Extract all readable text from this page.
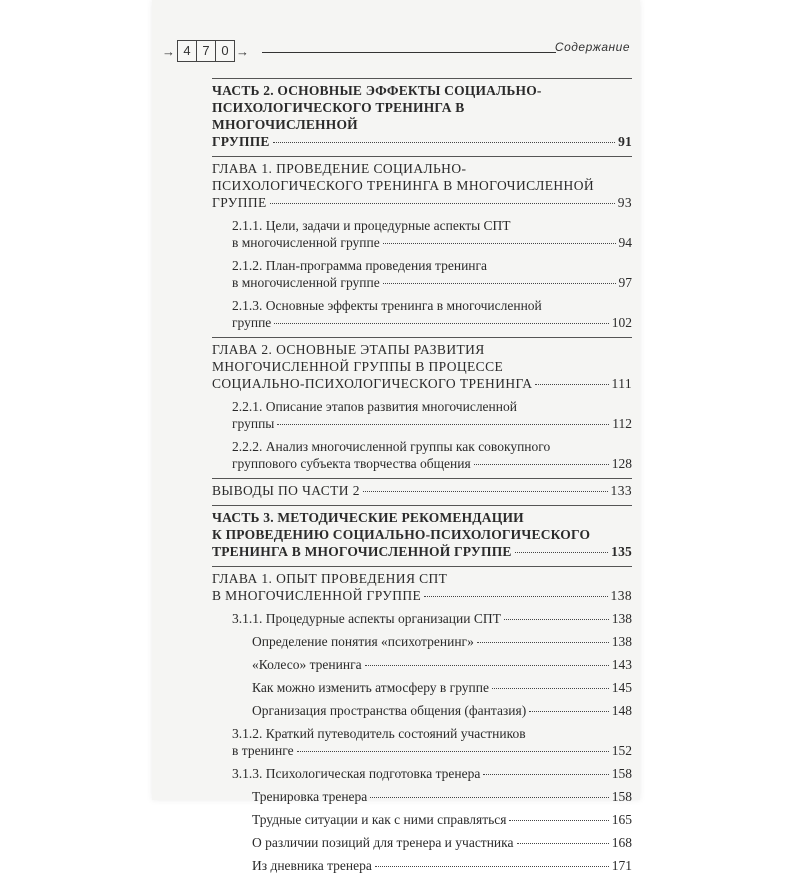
→ 4 7 0 →	Содержание
ЧАСТЬ 2. ОСНОВНЫЕ ЭФФЕКТЫ СОЦИАЛЬНО-
ПСИХОЛОГИЧЕСКОГО ТРЕНИНГА В МНОГОЧИСЛЕННОЙ
ГРУППЕ	91
ГЛАВА 1. ПРОВЕДЕНИЕ СОЦИАЛЬНО-
ПСИХОЛОГИЧЕСКОГО ТРЕНИНГА В МНОГОЧИСЛЕННОЙ
ГРУППЕ	93
2.1.1. Цели, задачи и процедурные аспекты СПТ
в многочисленной группе	94
2.1.2. План-программа проведения тренинга
в многочисленной группе	97
2.1.3. Основные эффекты тренинга в многочисленной
группе	102
ГЛАВА 2. ОСНОВНЫЕ ЭТАПЫ РАЗВИТИЯ
МНОГОЧИСЛЕННОЙ ГРУППЫ В ПРОЦЕССЕ
СОЦИАЛЬНО-ПСИХОЛОГИЧЕСКОГО ТРЕНИНГА	111
2.2.1. Описание этапов развития многочисленной
группы	112
2.2.2. Анализ многочисленной группы как совокупного
группового субъекта творчества общения	128
ВЫВОДЫ ПО ЧАСТИ 2	133
ЧАСТЬ 3. МЕТОДИЧЕСКИЕ РЕКОМЕНДАЦИИ
К ПРОВЕДЕНИЮ СОЦИАЛЬНО-ПСИХОЛОГИЧЕСКОГО
ТРЕНИНГА В МНОГОЧИСЛЕННОЙ ГРУППЕ	135
ГЛАВА 1. ОПЫТ ПРОВЕДЕНИЯ СПТ
В МНОГОЧИСЛЕННОЙ ГРУППЕ	138
3.1.1. Процедурные аспекты организации СПТ	138
Определение понятия «психотренинг»	138
«Колесо» тренинга	143
Как можно изменить атмосферу в группе	145
Организация пространства общения (фантазия)	148
3.1.2. Краткий путеводитель состояний участников
в тренинге	152
3.1.3. Психологическая подготовка тренера	158
Тренировка тренера	158
Трудные ситуации и как с ними справляться	165
О различии позиций для тренера и участника	168
Из дневника тренера	171
